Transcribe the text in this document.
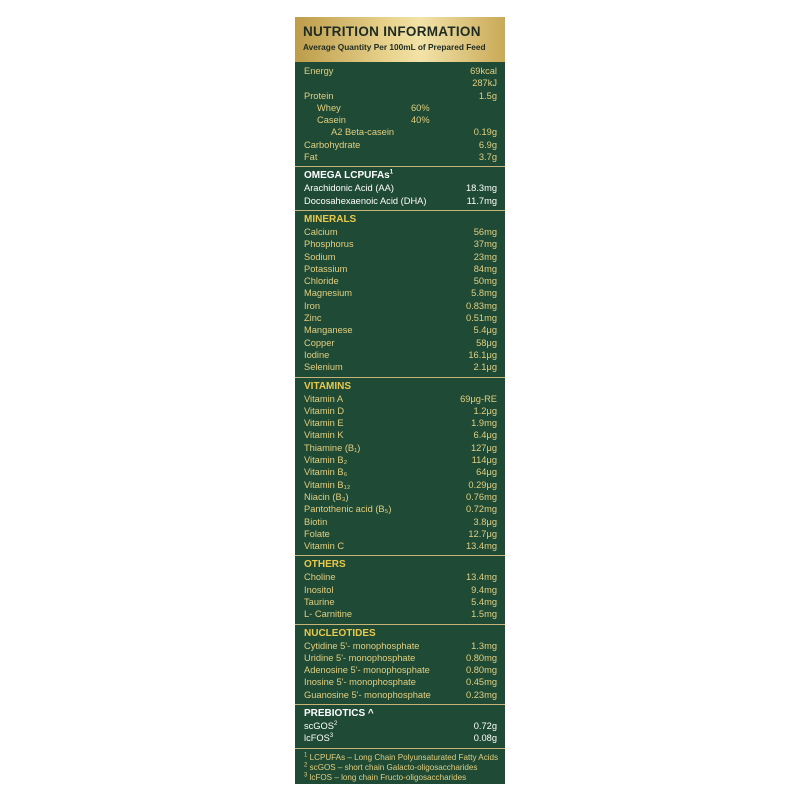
NUTRITION INFORMATION
Average Quantity Per 100mL of Prepared Feed
Energy	69kcal
287kJ
Protein	1.5g
Whey	60%
Casein	40%
A2 Beta-casein	0.19g
Carbohydrate	6.9g
Fat	3.7g
OMEGA LCPUFAs$^1$
Arachidonic Acid (AA)	18.3mg
Docosahexaenoic Acid (DHA)	11.7mg
MINERALS
Calcium	56mg
Phosphorus	37mg
Sodium	23mg
Potassium	84mg
Chloride	50mg
Magnesium	5.8mg
Iron	0.83mg
Zinc	0.51mg
Manganese	5.4μg
Copper	58μg
Iodine	16.1μg
Selenium	2.1μg
VITAMINS
Vitamin A	69μg-RE
Vitamin D	1.2μg
Vitamin E	1.9mg
Vitamin K	6.4μg
Thiamine (B₁)	127μg
Vitamin B₂	114μg
Vitamin B₆	64μg
Vitamin B₁₂	0.29μg
Niacin (B₃)	0.76mg
Pantothenic acid (B₅)	0.72mg
Biotin	3.8μg
Folate	12.7μg
Vitamin C	13.4mg
OTHERS
Choline	13.4mg
Inositol	9.4mg
Taurine	5.4mg
L- Carnitine	1.5mg
NUCLEOTIDES
Cytidine 5'- monophosphate	1.3mg
Uridine 5'- monophosphate	0.80mg
Adenosine 5'- monophosphate	0.80mg
Inosine 5'- monophosphate	0.45mg
Guanosine 5'- monophosphate	0.23mg
PREBIOTICS ^
scGOS$^2$	0.72g
lcFOS$^3$	0.08g
$^1$ LCPUFAs – Long Chain Polyunsaturated Fatty Acids
$^2$ scGOS – short chain Galacto-oligosaccharides
$^3$ lcFOS – long chain Fructo-oligosaccharides
